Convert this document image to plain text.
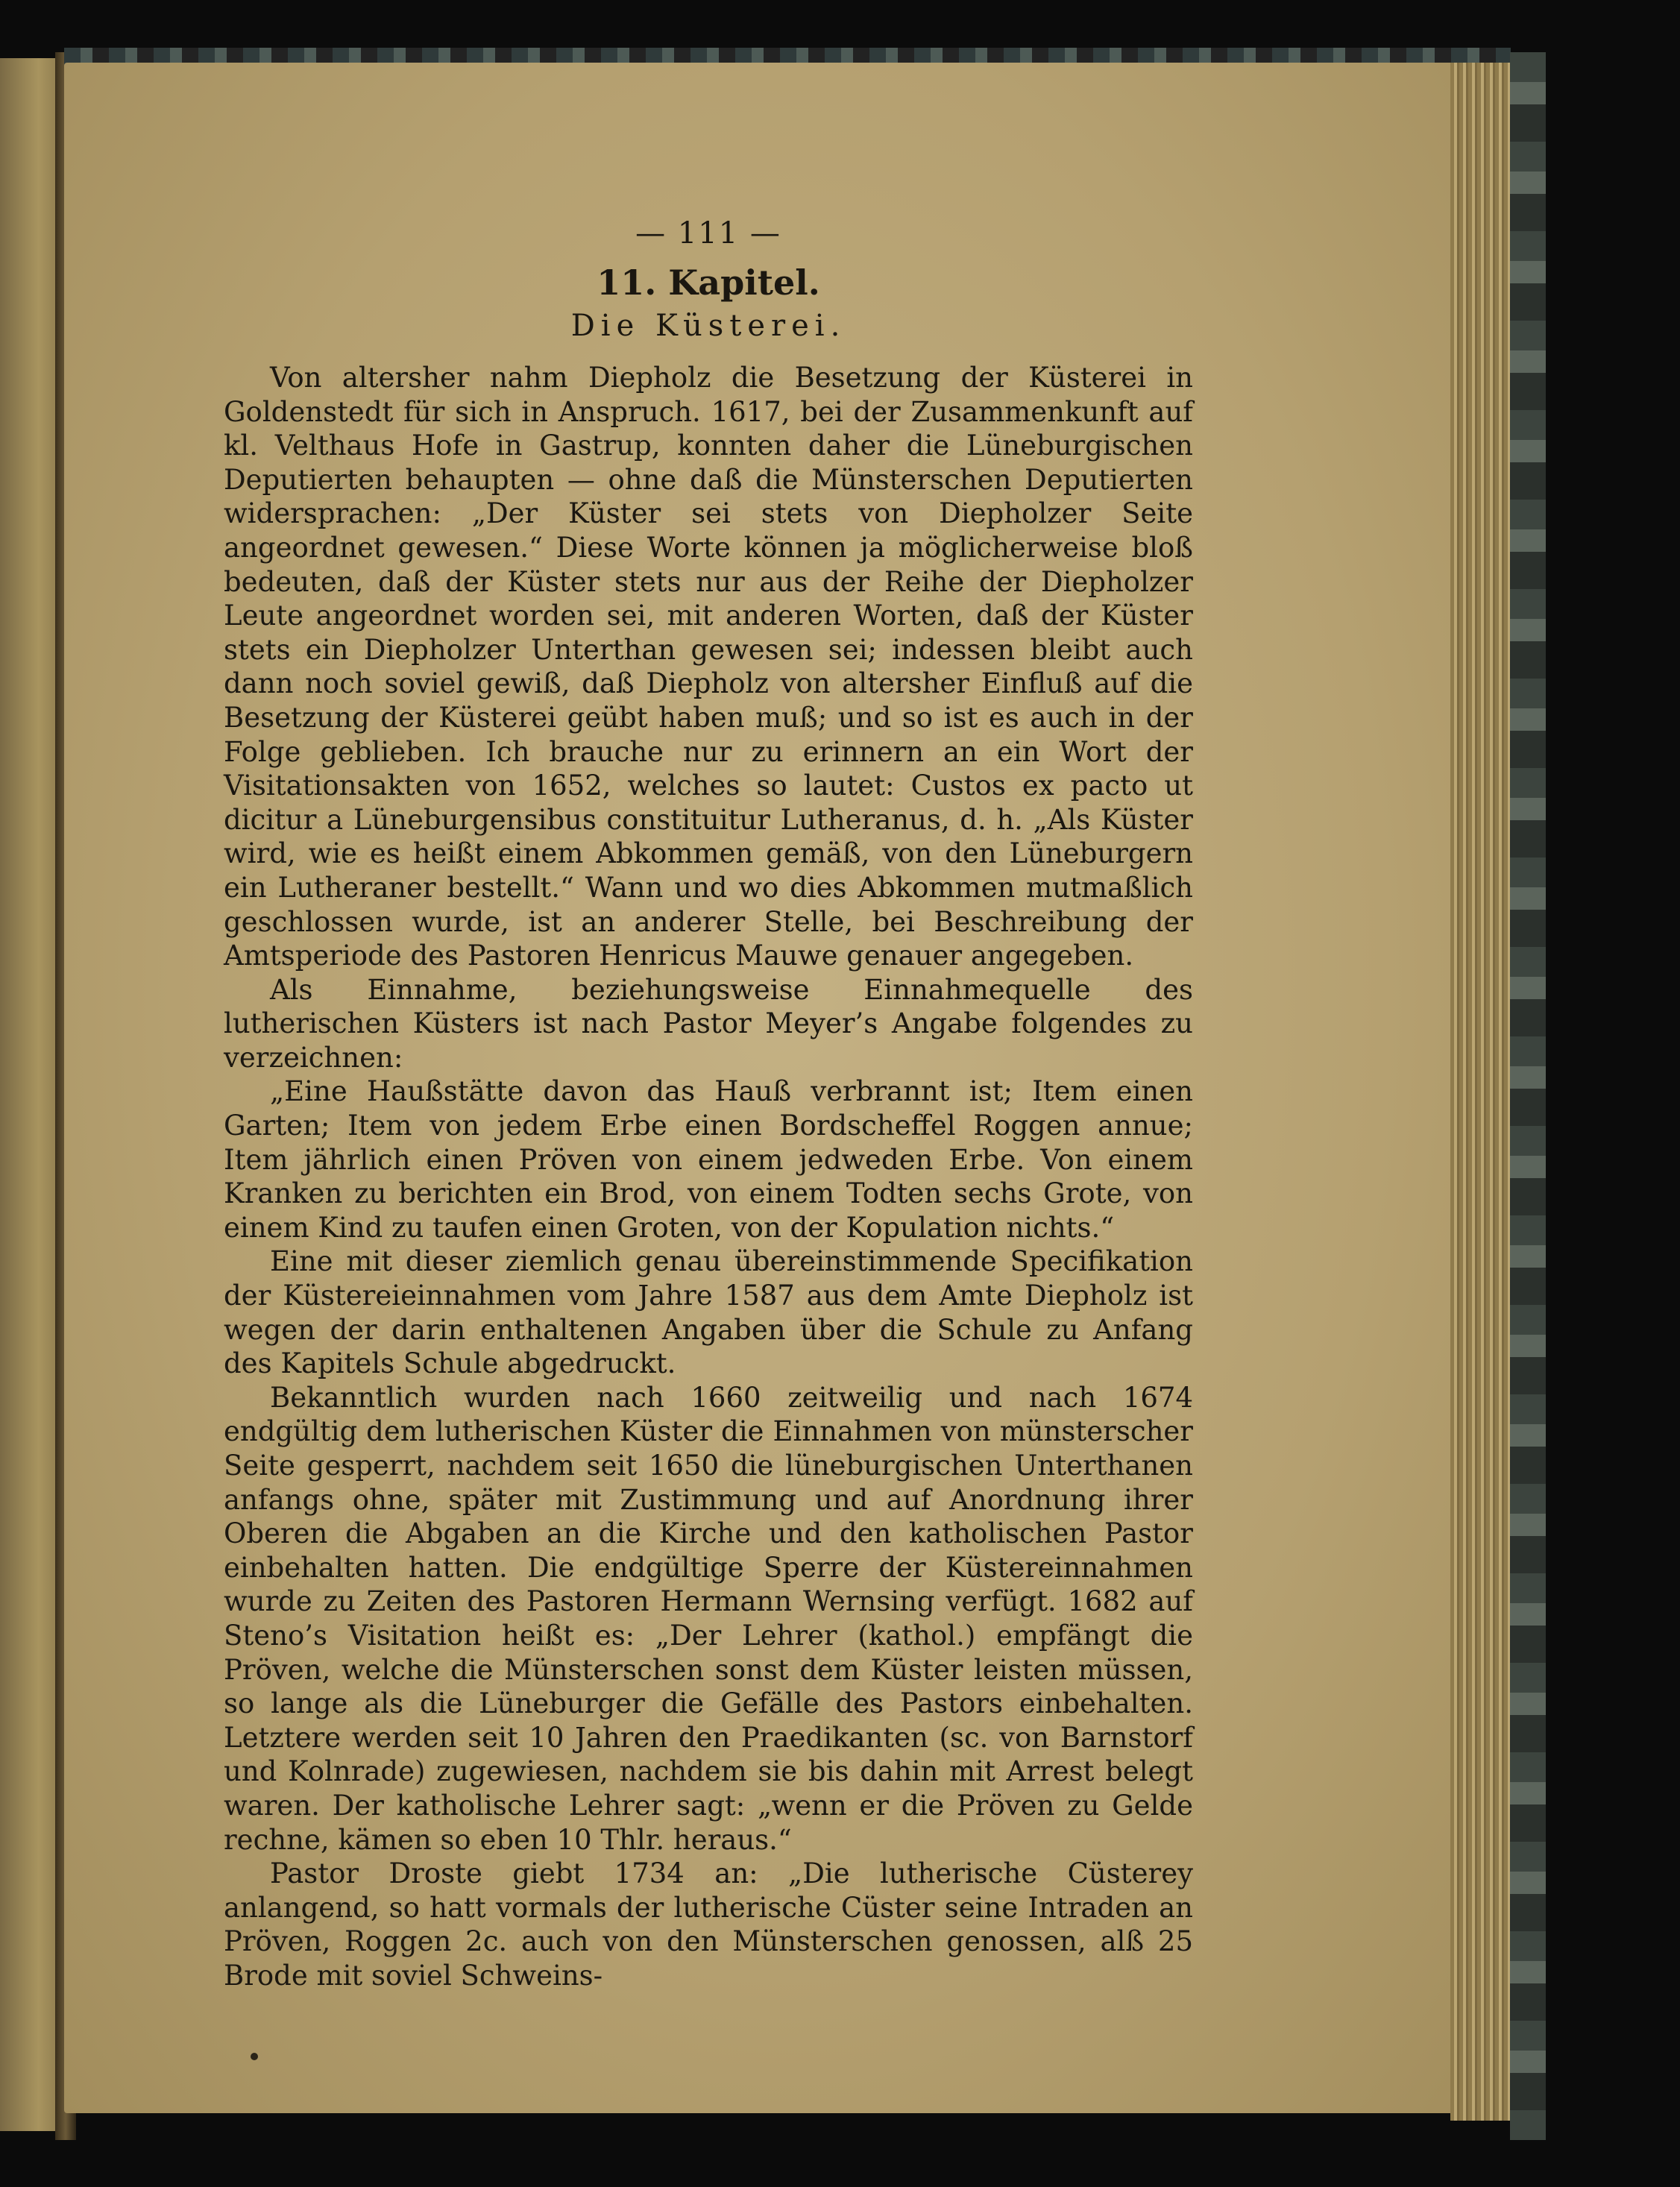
— 111 —
11. Kapitel.
Die Küsterei.

Von altersher nahm Diepholz die Besetzung der Küsterei in Goldenstedt für sich in Anspruch. 1617, bei der Zusammenkunft auf kl. Velthaus Hofe in Gastrup, konnten daher die Lüneburgischen Deputierten behaupten — ohne daß die Münsterschen Deputierten widersprachen: „Der Küster sei stets von Diepholzer Seite angeordnet gewesen.“ Diese Worte können ja möglicherweise bloß bedeuten, daß der Küster stets nur aus der Reihe der Diepholzer Leute angeordnet worden sei, mit anderen Worten, daß der Küster stets ein Diepholzer Unterthan gewesen sei; indessen bleibt auch dann noch soviel gewiß, daß Diepholz von altersher Einfluß auf die Besetzung der Küsterei geübt haben muß; und so ist es auch in der Folge geblieben. Ich brauche nur zu erinnern an ein Wort der Visitationsakten von 1652, welches so lautet: Custos ex pacto ut dicitur a Lüneburgensibus constituitur Lutheranus, d. h. „Als Küster wird, wie es heißt einem Abkommen gemäß, von den Lüneburgern ein Lutheraner bestellt.“ Wann und wo dies Abkommen mutmaßlich geschlossen wurde, ist an anderer Stelle, bei Beschreibung der Amtsperiode des Pastoren Henricus Mauwe genauer angegeben.

Als Einnahme, beziehungsweise Einnahmequelle des lutherischen Küsters ist nach Pastor Meyer’s Angabe folgendes zu verzeichnen:

„Eine Haußstätte davon das Hauß verbrannt ist; Item einen Garten; Item von jedem Erbe einen Bordscheffel Roggen annue; Item jährlich einen Pröven von einem jedweden Erbe. Von einem Kranken zu berichten ein Brod, von einem Todten sechs Grote, von einem Kind zu taufen einen Groten, von der Kopulation nichts.“

Eine mit dieser ziemlich genau übereinstimmende Specifikation der Küstereieinnahmen vom Jahre 1587 aus dem Amte Diepholz ist wegen der darin enthaltenen Angaben über die Schule zu Anfang des Kapitels Schule abgedruckt.

Bekanntlich wurden nach 1660 zeitweilig und nach 1674 endgültig dem lutherischen Küster die Einnahmen von münsterscher Seite gesperrt, nachdem seit 1650 die lüneburgischen Unterthanen anfangs ohne, später mit Zustimmung und auf Anordnung ihrer Oberen die Abgaben an die Kirche und den katholischen Pastor einbehalten hatten. Die endgültige Sperre der Küstereinnahmen wurde zu Zeiten des Pastoren Hermann Wernsing verfügt. 1682 auf Steno’s Visitation heißt es: „Der Lehrer (kathol.) empfängt die Pröven, welche die Münsterschen sonst dem Küster leisten müssen, so lange als die Lüneburger die Gefälle des Pastors einbehalten. Letztere werden seit 10 Jahren den Praedikanten (sc. von Barnstorf und Kolnrade) zugewiesen, nachdem sie bis dahin mit Arrest belegt waren. Der katholische Lehrer sagt: „wenn er die Pröven zu Gelde rechne, kämen so eben 10 Thlr. heraus.“

Pastor Droste giebt 1734 an: „Die lutherische Cüsterey anlangend, so hatt vormals der lutherische Cüster seine Intraden an Pröven, Roggen 2c. auch von den Münsterschen genossen, alß 25 Brode mit soviel Schweins-
